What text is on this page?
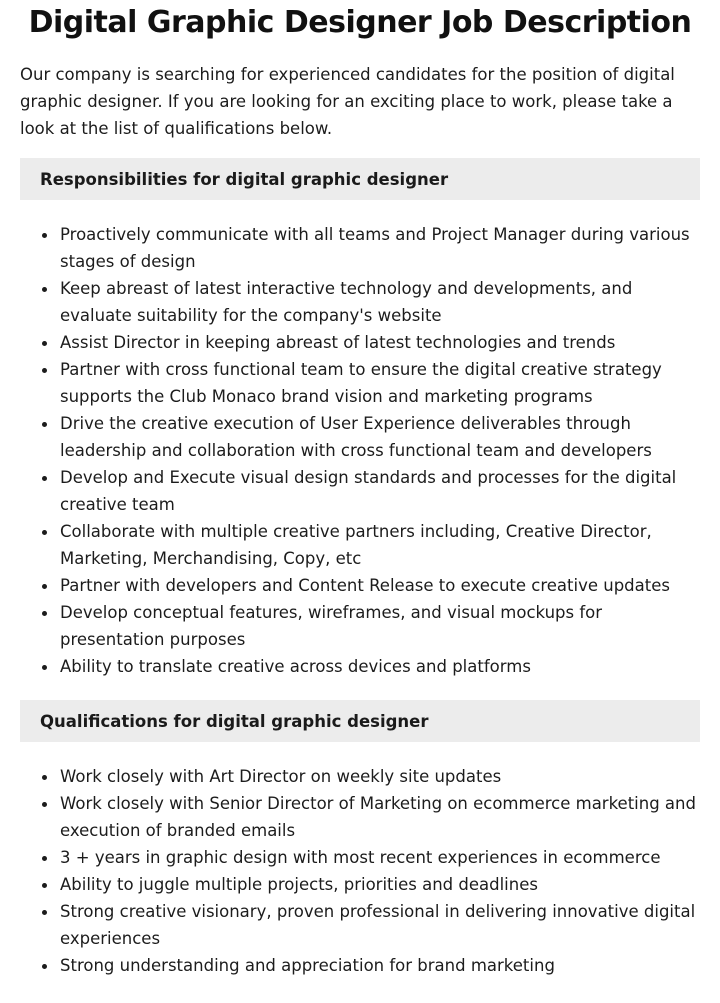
Digital Graphic Designer Job Description

Our company is searching for experienced candidates for the position of digital graphic designer. If you are looking for an exciting place to work, please take a look at the list of qualifications below.

Responsibilities for digital graphic designer
Proactively communicate with all teams and Project Manager during various stages of design
Keep abreast of latest interactive technology and developments, and evaluate suitability for the company's website
Assist Director in keeping abreast of latest technologies and trends
Partner with cross functional team to ensure the digital creative strategy supports the Club Monaco brand vision and marketing programs
Drive the creative execution of User Experience deliverables through leadership and collaboration with cross functional team and developers
Develop and Execute visual design standards and processes for the digital creative team
Collaborate with multiple creative partners including, Creative Director, Marketing, Merchandising, Copy, etc
Partner with developers and Content Release to execute creative updates
Develop conceptual features, wireframes, and visual mockups for presentation purposes
Ability to translate creative across devices and platforms
Qualifications for digital graphic designer
Work closely with Art Director on weekly site updates
Work closely with Senior Director of Marketing on ecommerce marketing and execution of branded emails
3 + years in graphic design with most recent experiences in ecommerce
Ability to juggle multiple projects, priorities and deadlines
Strong creative visionary, proven professional in delivering innovative digital experiences
Strong understanding and appreciation for brand marketing
